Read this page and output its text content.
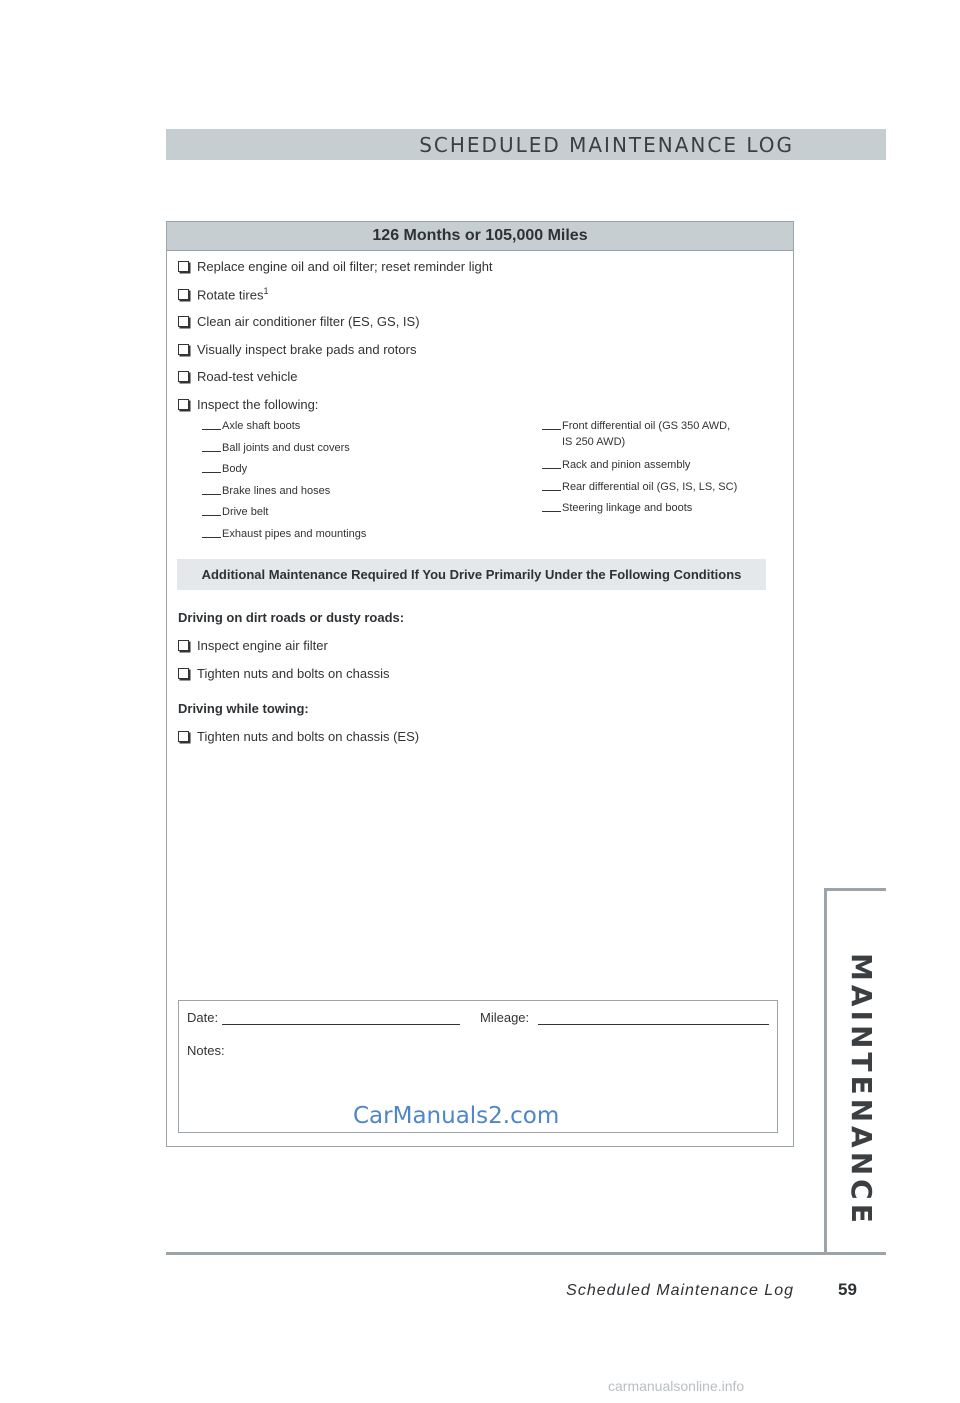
SCHEDULED MAINTENANCE LOG
126 Months or 105,000 Miles
Replace engine oil and oil filter; reset reminder light
Rotate tires$^1$
Clean air conditioner filter (ES, GS, IS)
Visually inspect brake pads and rotors
Road-test vehicle
Inspect the following:
Axle shaft boots
Ball joints and dust covers
Body
Brake lines and hoses
Drive belt
Exhaust pipes and mountings
Front differential oil (GS 350 AWD,
IS 250 AWD)
Rack and pinion assembly
Rear differential oil (GS, IS, LS, SC)
Steering linkage and boots
Additional Maintenance Required If You Drive Primarily Under the Following Conditions
Driving on dirt roads or dusty roads:
Inspect engine air filter
Tighten nuts and bolts on chassis
Driving while towing:
Tighten nuts and bolts on chassis (ES)
Date:	Mileage:
Notes:
CarManuals2.com	MAINTENANCE
Scheduled Maintenance Log	59
carmanualsonline.info
